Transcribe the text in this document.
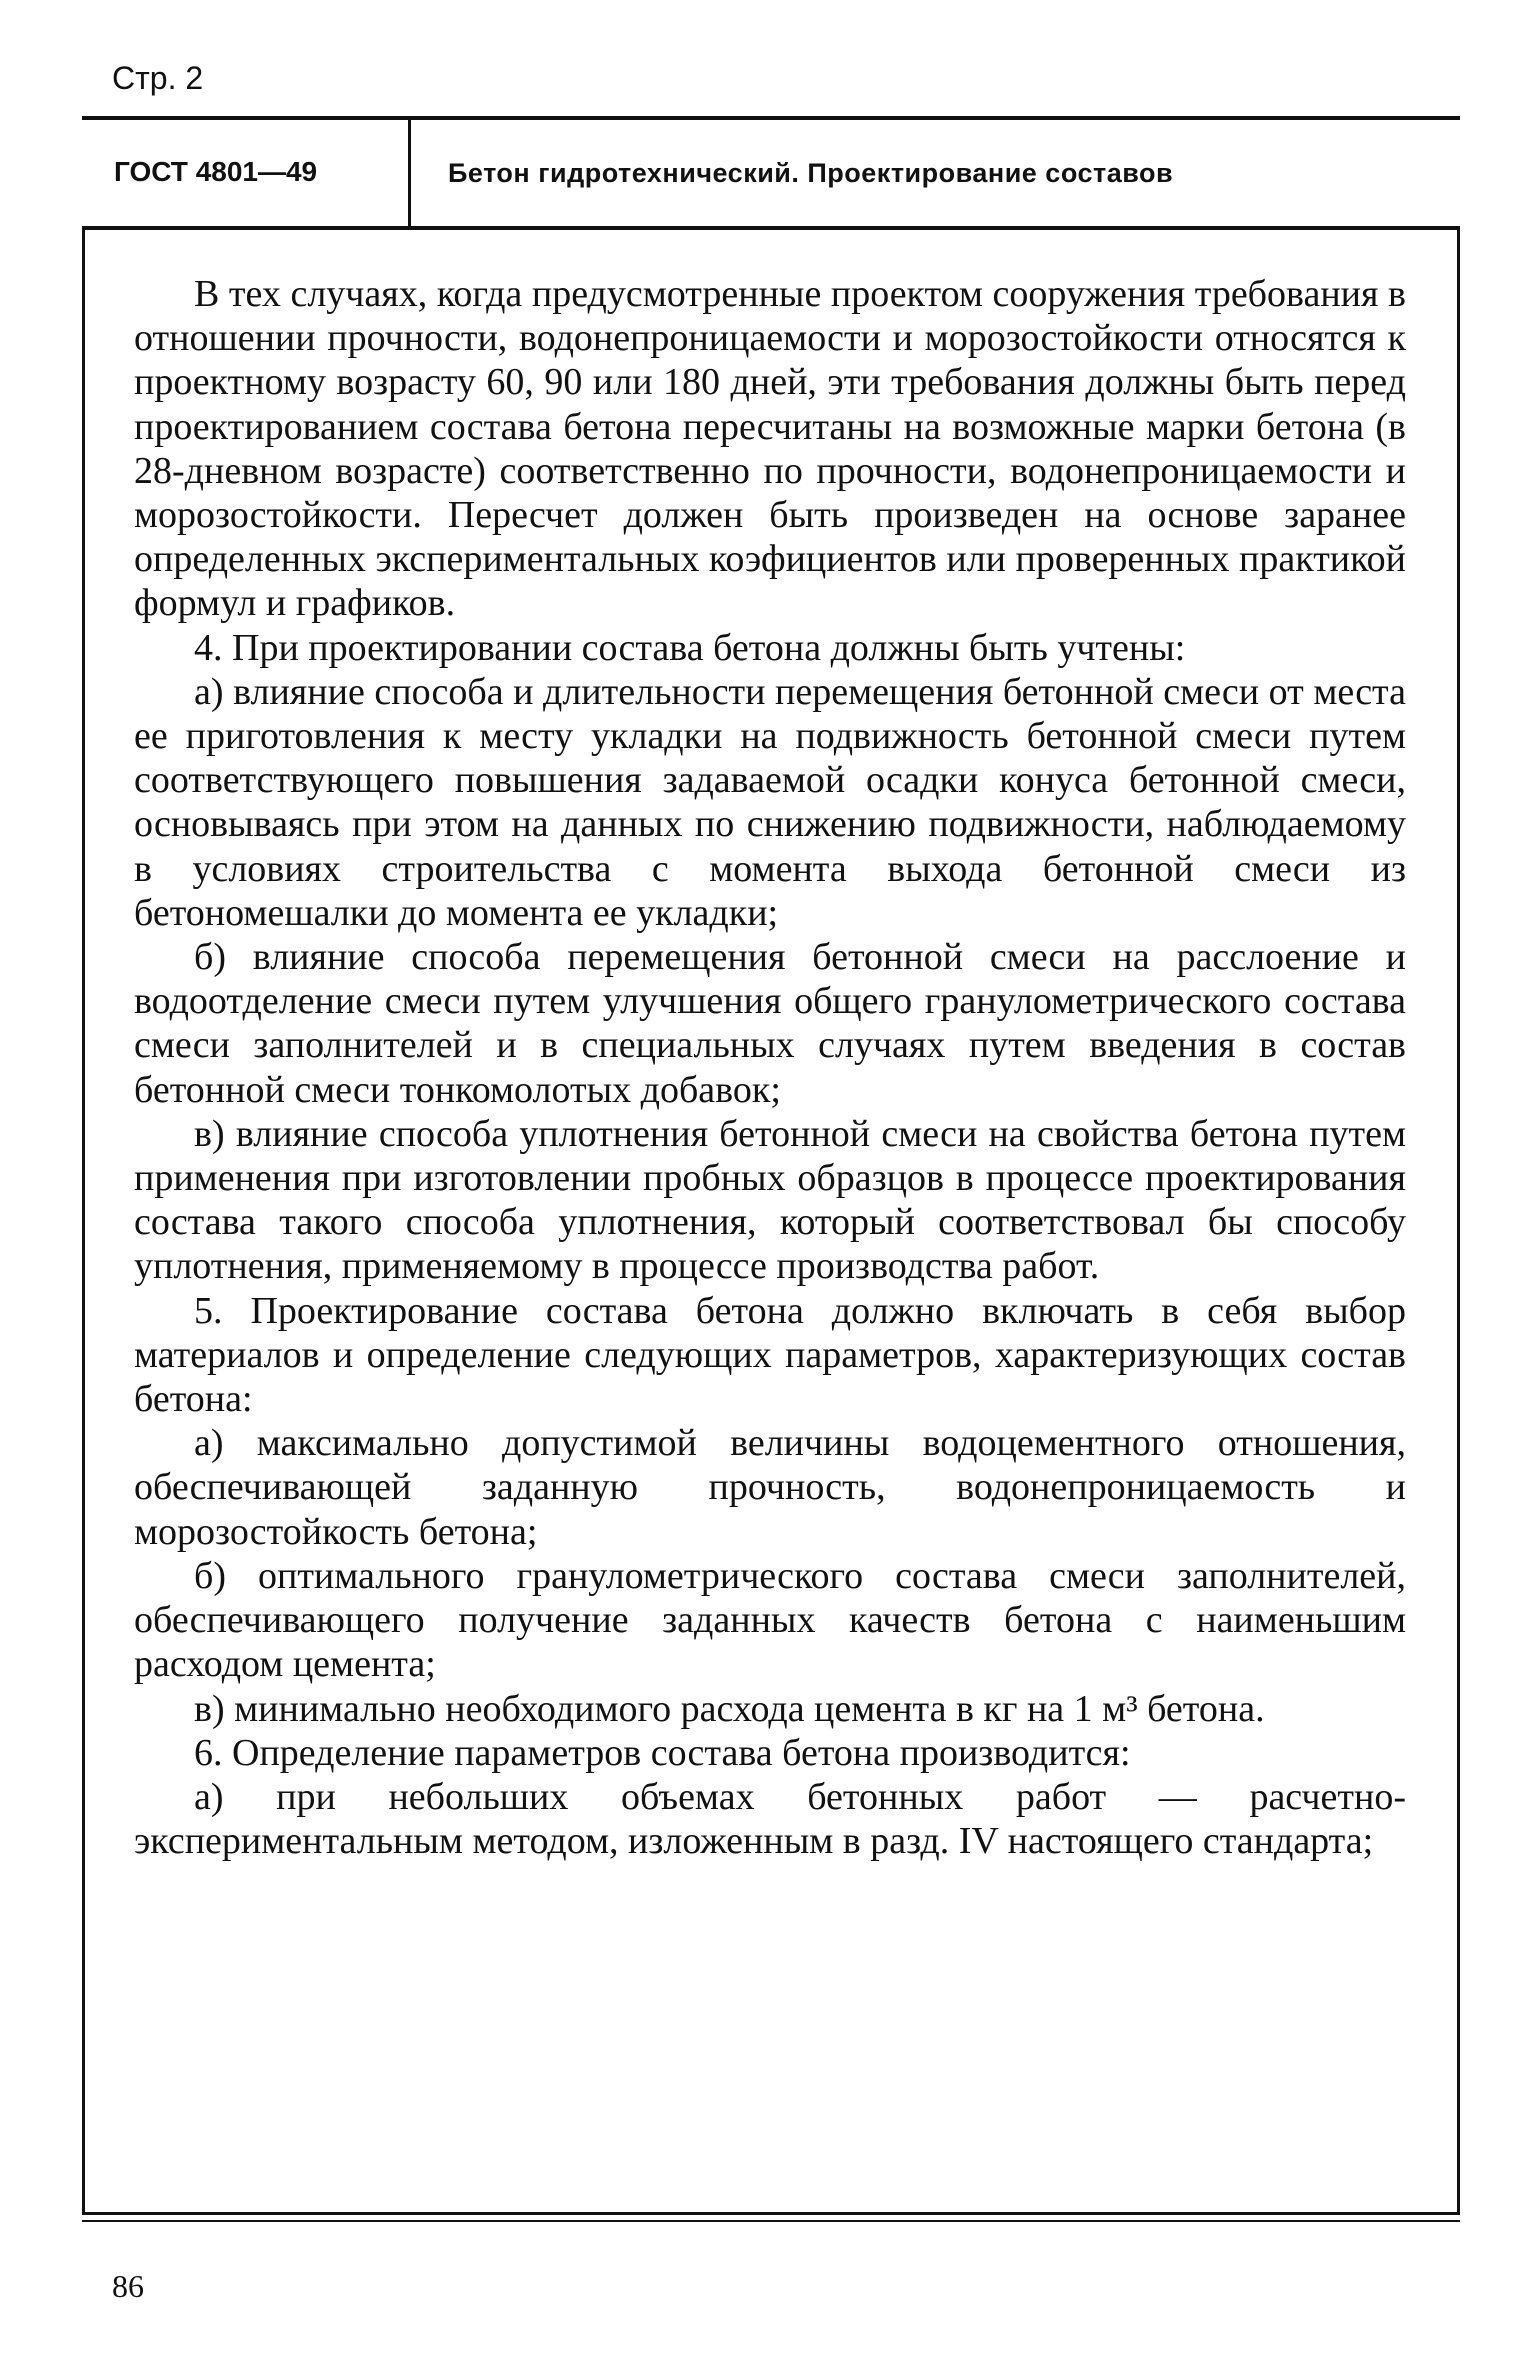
Стр. 2
ГОСТ 4801—49	Бетон гидротехнический. Проектирование составов

В тех случаях, когда предусмотренные проектом сооружения требования в отношении прочности, водонепроницаемости и морозостойкости относятся к проектному возрасту 60, 90 или 180 дней, эти требования должны быть перед проектированием состава бетона пересчитаны на возможные марки бетона (в 28-дневном возрасте) соответственно по прочности, водонепроницаемости и морозостойкости. Пересчет должен быть произведен на основе заранее определенных экспериментальных коэфициентов или проверенных практикой формул и графиков.

4. При проектировании состава бетона должны быть учтены:

а) влияние способа и длительности перемещения бетонной смеси от места ее приготовления к месту укладки на подвижность бетонной смеси путем соответствующего повышения задаваемой осадки конуса бетонной смеси, основываясь при этом на данных по снижению подвижности, наблюдаемому в условиях строительства с момента выхода бетонной смеси из бетономешалки до момента ее укладки;

б) влияние способа перемещения бетонной смеси на расслоение и водоотделение смеси путем улучшения общего гранулометрического состава смеси заполнителей и в специальных случаях путем введения в состав бетонной смеси тонкомолотых добавок;

в) влияние способа уплотнения бетонной смеси на свойства бетона путем применения при изготовлении пробных образцов в процессе проектирования состава такого способа уплотнения, который соответствовал бы способу уплотнения, применяемому в процессе производства работ.

5. Проектирование состава бетона должно включать в себя выбор материалов и определение следующих параметров, характеризующих состав бетона:

а) максимально допустимой величины водоцементного отношения, обеспечивающей заданную прочность, водонепроницаемость и морозостойкость бетона;

б) оптимального гранулометрического состава смеси заполнителей, обеспечивающего получение заданных качеств бетона с наименьшим расходом цемента;

в) минимально необходимого расхода цемента в кг на 1 м³ бетона.

6. Определение параметров состава бетона производится:

а) при небольших объемах бетонных работ — расчетно-экспериментальным методом, изложенным в разд. IV настоящего стандарта;

86
